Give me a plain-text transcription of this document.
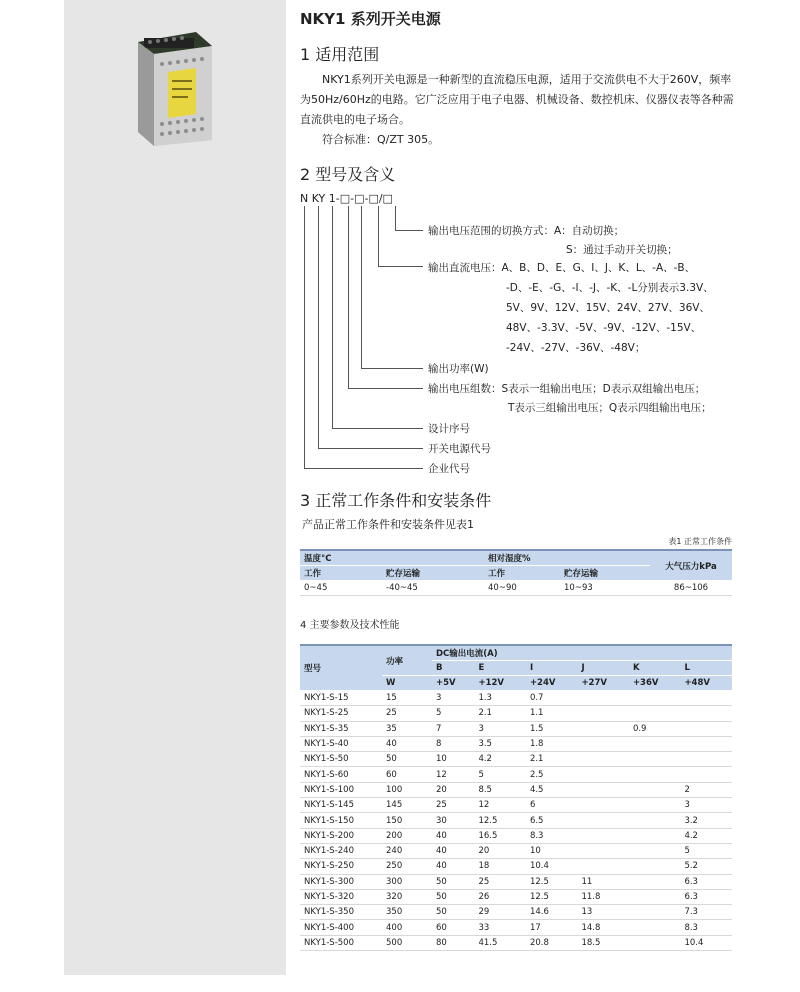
NKY1 系列开关电源
1 适用范围

NKY1系列开关电源是一种新型的直流稳压电源，适用于交流供电不大于260V，频率为50Hz/60Hz的电路。它广泛应用于电子电器、机械设备、数控机床、仪器仪表等各种需直流供电的电子场合。

符合标准：Q/ZT 305。

2 型号及含义
N KY 1-□-□-□/□
输出电压范围的切换方式：A：自动切换；
S：通过手动开关切换；
输出直流电压：A、B、D、E、G、I、J、K、L、-A、-B、
-D、-E、-G、-I、-J、-K、-L分别表示3.3V、
5V、9V、12V、15V、24V、27V、36V、
48V、-3.3V、-5V、-9V、-12V、-15V、
-24V、-27V、-36V、-48V；
输出功率(W)
输出电压组数：S表示一组输出电压；D表示双组输出电压；
T表示三组输出电压；Q表示四组输出电压；
设计序号
开关电源代号
企业代号
3 正常工作条件和安装条件

产品正常工作条件和安装条件见表1

表1 正常工作条件
温度°C		相对湿度%		大气压力kPa
工作	贮存运输	工作	贮存运输	
0~45	-40~45	40~90	10~93	86~106

4 主要参数及技术性能

型号	功率	DC输出电流(A)					
		B	E	I	J	K	L
	W	+5V	+12V	+24V	+27V	+36V	+48V
NKY1-S-15	15	3	1.3	0.7			
NKY1-S-25	25	5	2.1	1.1			
NKY1-S-35	35	7	3	1.5		0.9	
NKY1-S-40	40	8	3.5	1.8			
NKY1-S-50	50	10	4.2	2.1			
NKY1-S-60	60	12	5	2.5			
NKY1-S-100	100	20	8.5	4.5			2
NKY1-S-145	145	25	12	6			3
NKY1-S-150	150	30	12.5	6.5			3.2
NKY1-S-200	200	40	16.5	8.3			4.2
NKY1-S-240	240	40	20	10			5
NKY1-S-250	250	40	18	10.4			5.2
NKY1-S-300	300	50	25	12.5	11		6.3
NKY1-S-320	320	50	26	12.5	11.8		6.3
NKY1-S-350	350	50	29	14.6	13		7.3
NKY1-S-400	400	60	33	17	14.8		8.3
NKY1-S-500	500	80	41.5	20.8	18.5		10.4
